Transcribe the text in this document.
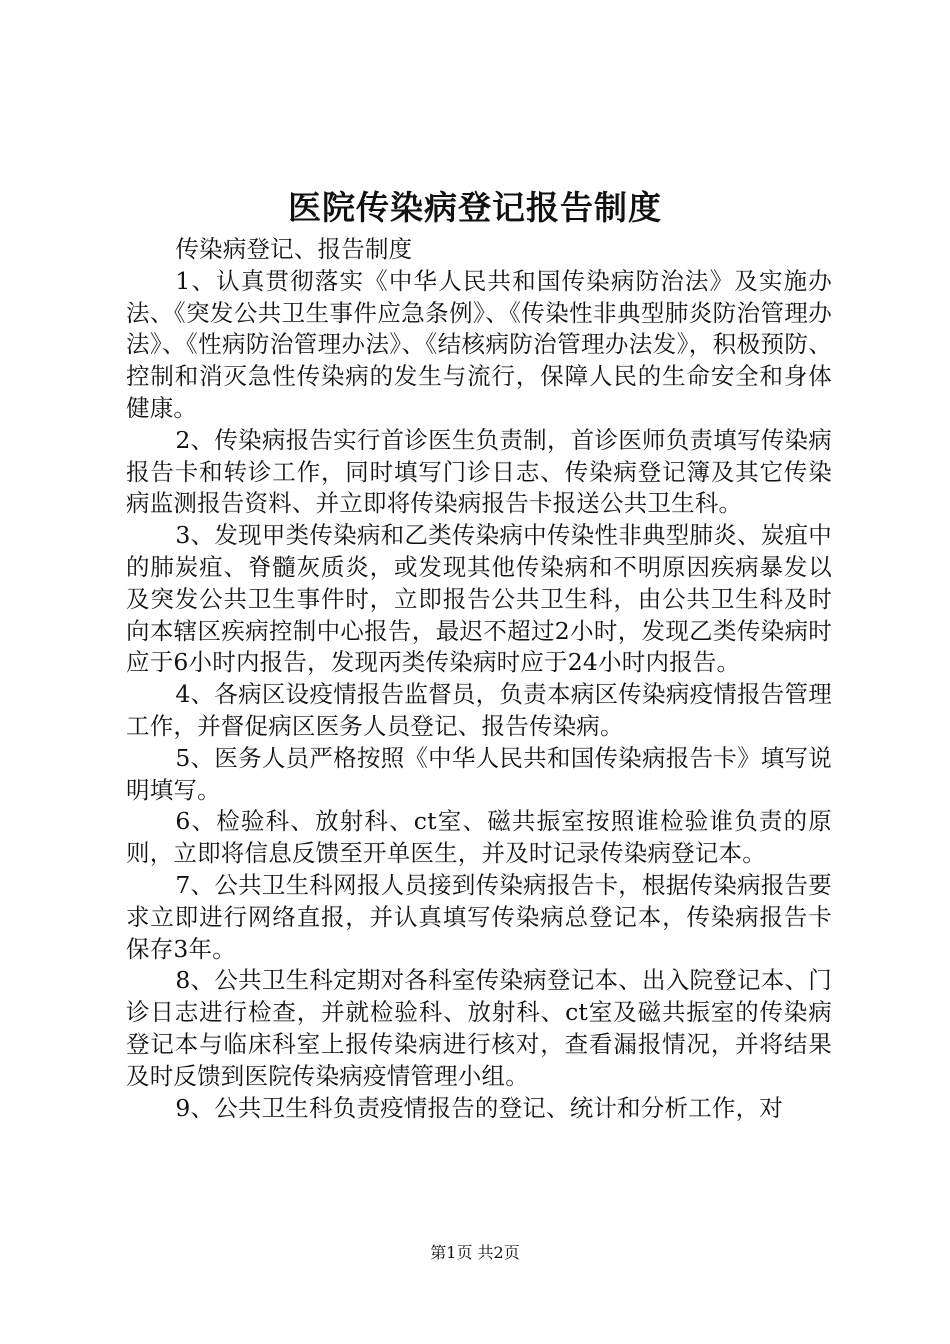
医院传染病登记报告制度

传染病登记、报告制度

1、认真贯彻落实《中华人民共和国传染病防治法》及实施办法、《突发公共卫生事件应急条例》、《传染性非典型肺炎防治管理办法》、《性病防治管理办法》、《结核病防治管理办法发》，积极预防、控制和消灭急性传染病的发生与流行，保障人民的生命安全和身体健康。

2、传染病报告实行首诊医生负责制，首诊医师负责填写传染病报告卡和转诊工作，同时填写门诊日志、传染病登记簿及其它传染病监测报告资料、并立即将传染病报告卡报送公共卫生科。

3、发现甲类传染病和乙类传染病中传染性非典型肺炎、炭疽中的肺炭疽、脊髓灰质炎，或发现其他传染病和不明原因疾病暴发以及突发公共卫生事件时，立即报告公共卫生科，由公共卫生科及时向本辖区疾病控制中心报告，最迟不超过2小时，发现乙类传染病时应于6小时内报告，发现丙类传染病时应于24小时内报告。

4、各病区设疫情报告监督员，负责本病区传染病疫情报告管理工作，并督促病区医务人员登记、报告传染病。

5、医务人员严格按照《中华人民共和国传染病报告卡》填写说明填写。

6、检验科、放射科、ct室、磁共振室按照谁检验谁负责的原则，立即将信息反馈至开单医生，并及时记录传染病登记本。

7、公共卫生科网报人员接到传染病报告卡，根据传染病报告要求立即进行网络直报，并认真填写传染病总登记本，传染病报告卡保存3年。

8、公共卫生科定期对各科室传染病登记本、出入院登记本、门诊日志进行检查，并就检验科、放射科、ct室及磁共振室的传染病登记本与临床科室上报传染病进行核对，查看漏报情况，并将结果及时反馈到医院传染病疫情管理小组。

9、公共卫生科负责疫情报告的登记、统计和分析工作，对

第1页 共2页
